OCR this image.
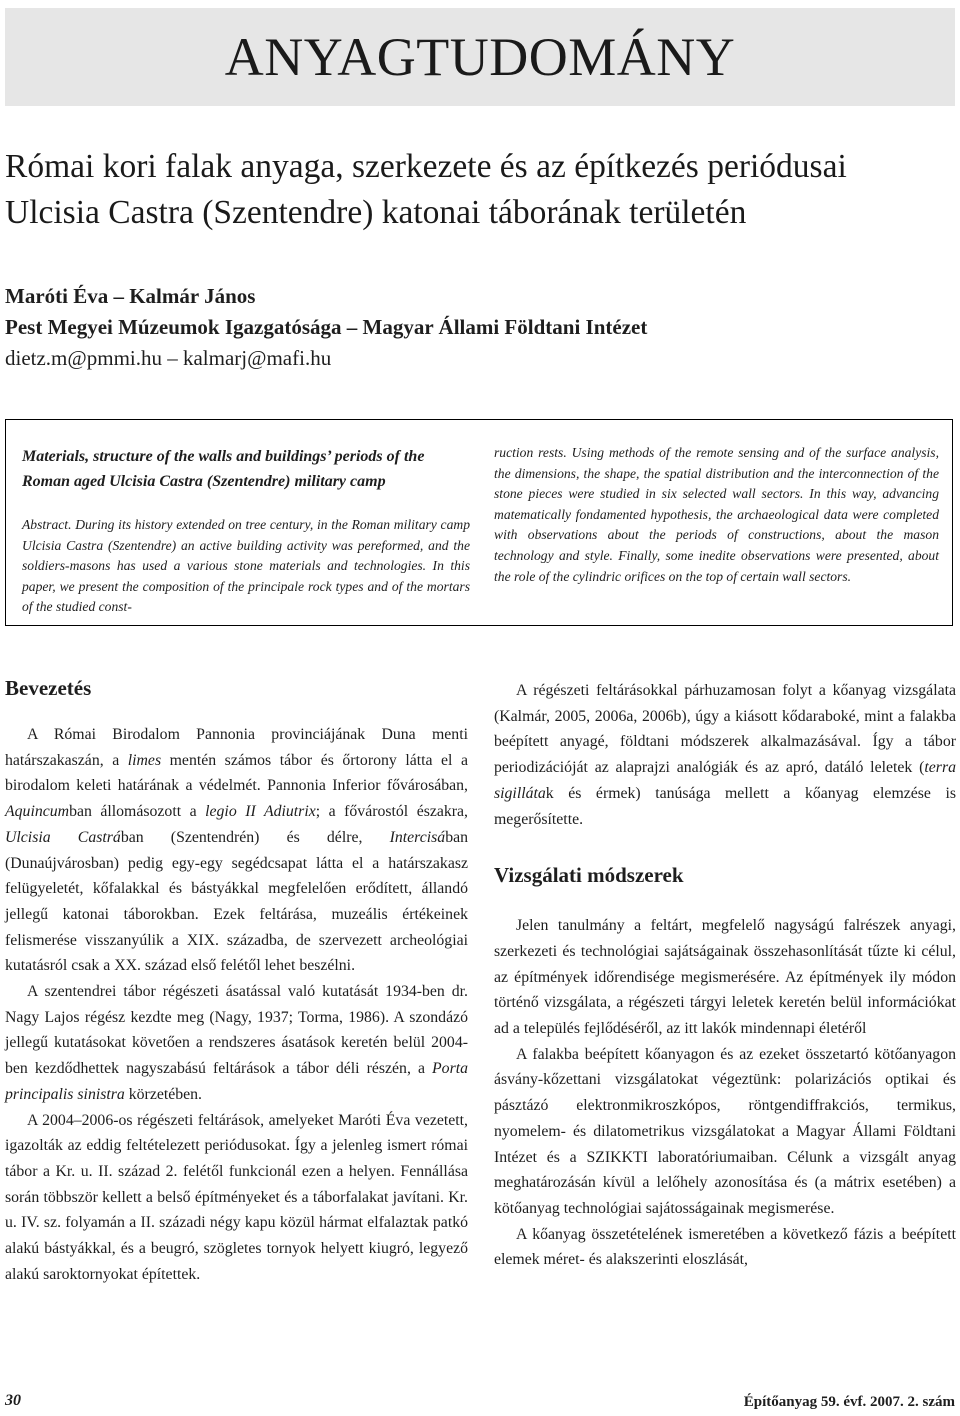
ANYAGTUDOMÁNY
Római kori falak anyaga, szerkezete és az építkezés periódusai
Ulcisia Castra (Szentendre) katonai táborának területén
Maróti Éva – Kalmár János
Pest Megyei Múzeumok Igazgatósága – Magyar Állami Földtani Intézet
dietz.m@pmmi.hu – kalmarj@mafi.hu

Materials, structure of the walls and buildings’ periods of the

Roman aged Ulcisia Castra (Szentendre) military camp

Abstract. During its history extended on tree century, in the Roman military camp Ulcisia Castra (Szentendre) an active building activity was pereformed, and the soldiers-masons has used a various stone materials and technologies. In this paper, we present the composition of the principale rock types and of the mortars of the studied const-

ruction rests. Using methods of the remote sensing and of the surface analysis, the dimensions, the shape, the spatial distribution and the interconnection of the stone pieces were studied in six selected wall sectors. In this way, advancing matematically fondamented hypothesis, the archaeological data were completed with observations about the periods of constructions, about the mason technology and style. Finally, some inedite observations were presented, about the role of the cylindric orifices on the top of certain wall sectors.

Bevezetés

A Római Birodalom Pannonia provinciájának Duna menti határszakaszán, a limes mentén számos tábor és őrtorony látta el a birodalom keleti határának a védelmét. Pannonia Inferior fővárosában, Aquincumban állomásozott a legio II Adiutrix; a fővárostól északra, Ulcisia Castrában (Szentendrén) és délre, Intercisában (Dunaújvárosban) pedig egy-egy segédcsapat látta el a határszakasz felügyeletét, kőfalakkal és bástyákkal megfelelően erődített, állandó jellegű katonai táborokban. Ezek feltárása, muzeális értékeinek felismerése visszanyúlik a XIX. századba, de szervezett archeológiai kutatásról csak a XX. század első felétől lehet beszélni.

A szentendrei tábor régészeti ásatással való kutatását 1934-ben dr. Nagy Lajos régész kezdte meg (Nagy, 1937; Torma, 1986). A szondázó jellegű kutatásokat követően a rendszeres ásatások keretén belül 2004-ben kezdődhettek nagyszabású feltárások a tábor déli részén, a Porta principalis sinistra körzetében.

A 2004–2006-os régészeti feltárások, amelyeket Maróti Éva vezetett, igazolták az eddig feltételezett periódusokat. Így a jelenleg ismert római tábor a Kr. u. II. század 2. felétől funkcionál ezen a helyen. Fennállása során többször kellett a belső építményeket és a táborfalakat javítani. Kr. u. IV. sz. folyamán a II. századi négy kapu közül hármat elfalaztak patkó alakú bástyákkal, és a beugró, szögletes tornyok helyett kiugró, legyező alakú saroktornyokat építettek.

A régészeti feltárásokkal párhuzamosan folyt a kőanyag vizsgálata (Kalmár, 2005, 2006a, 2006b), úgy a kiásott kődaraboké, mint a falakba beépített anyagé, földtani módszerek alkalmazásával. Így a tábor periodizációját az alaprajzi analógiák és az apró, datáló leletek (terra sigillátak és érmek) tanúsága mellett a kőanyag elemzése is megerősítette.

Vizsgálati módszerek

Jelen tanulmány a feltárt, megfelelő nagyságú falrészek anyagi, szerkezeti és technológiai sajátságainak összehasonlítását tűzte ki célul, az építmények időrendisége megismerésére. Az építmények ily módon történő vizsgálata, a régészeti tárgyi leletek keretén belül információkat ad a település fejlődéséről, az itt lakók mindennapi életéről

A falakba beépített kőanyagon és az ezeket összetartó kötőanyagon ásvány-kőzettani vizsgálatokat végeztünk: polarizációs optikai és pásztázó elektronmikroszkópos, röntgendiffrakciós, termikus, nyomelem- és dilatometrikus vizsgálatokat a Magyar Állami Földtani Intézet és a SZIKKTI laboratóriumaiban. Célunk a vizsgált anyag meghatározásán kívül a lelőhely azonosítása és (a mátrix esetében) a kötőanyag technológiai sajátosságainak megismerése.

A kőanyag összetételének ismeretében a következő fázis a beépített elemek méret- és alakszerinti eloszlását,

30	Építőanyag 59. évf. 2007. 2. szám
